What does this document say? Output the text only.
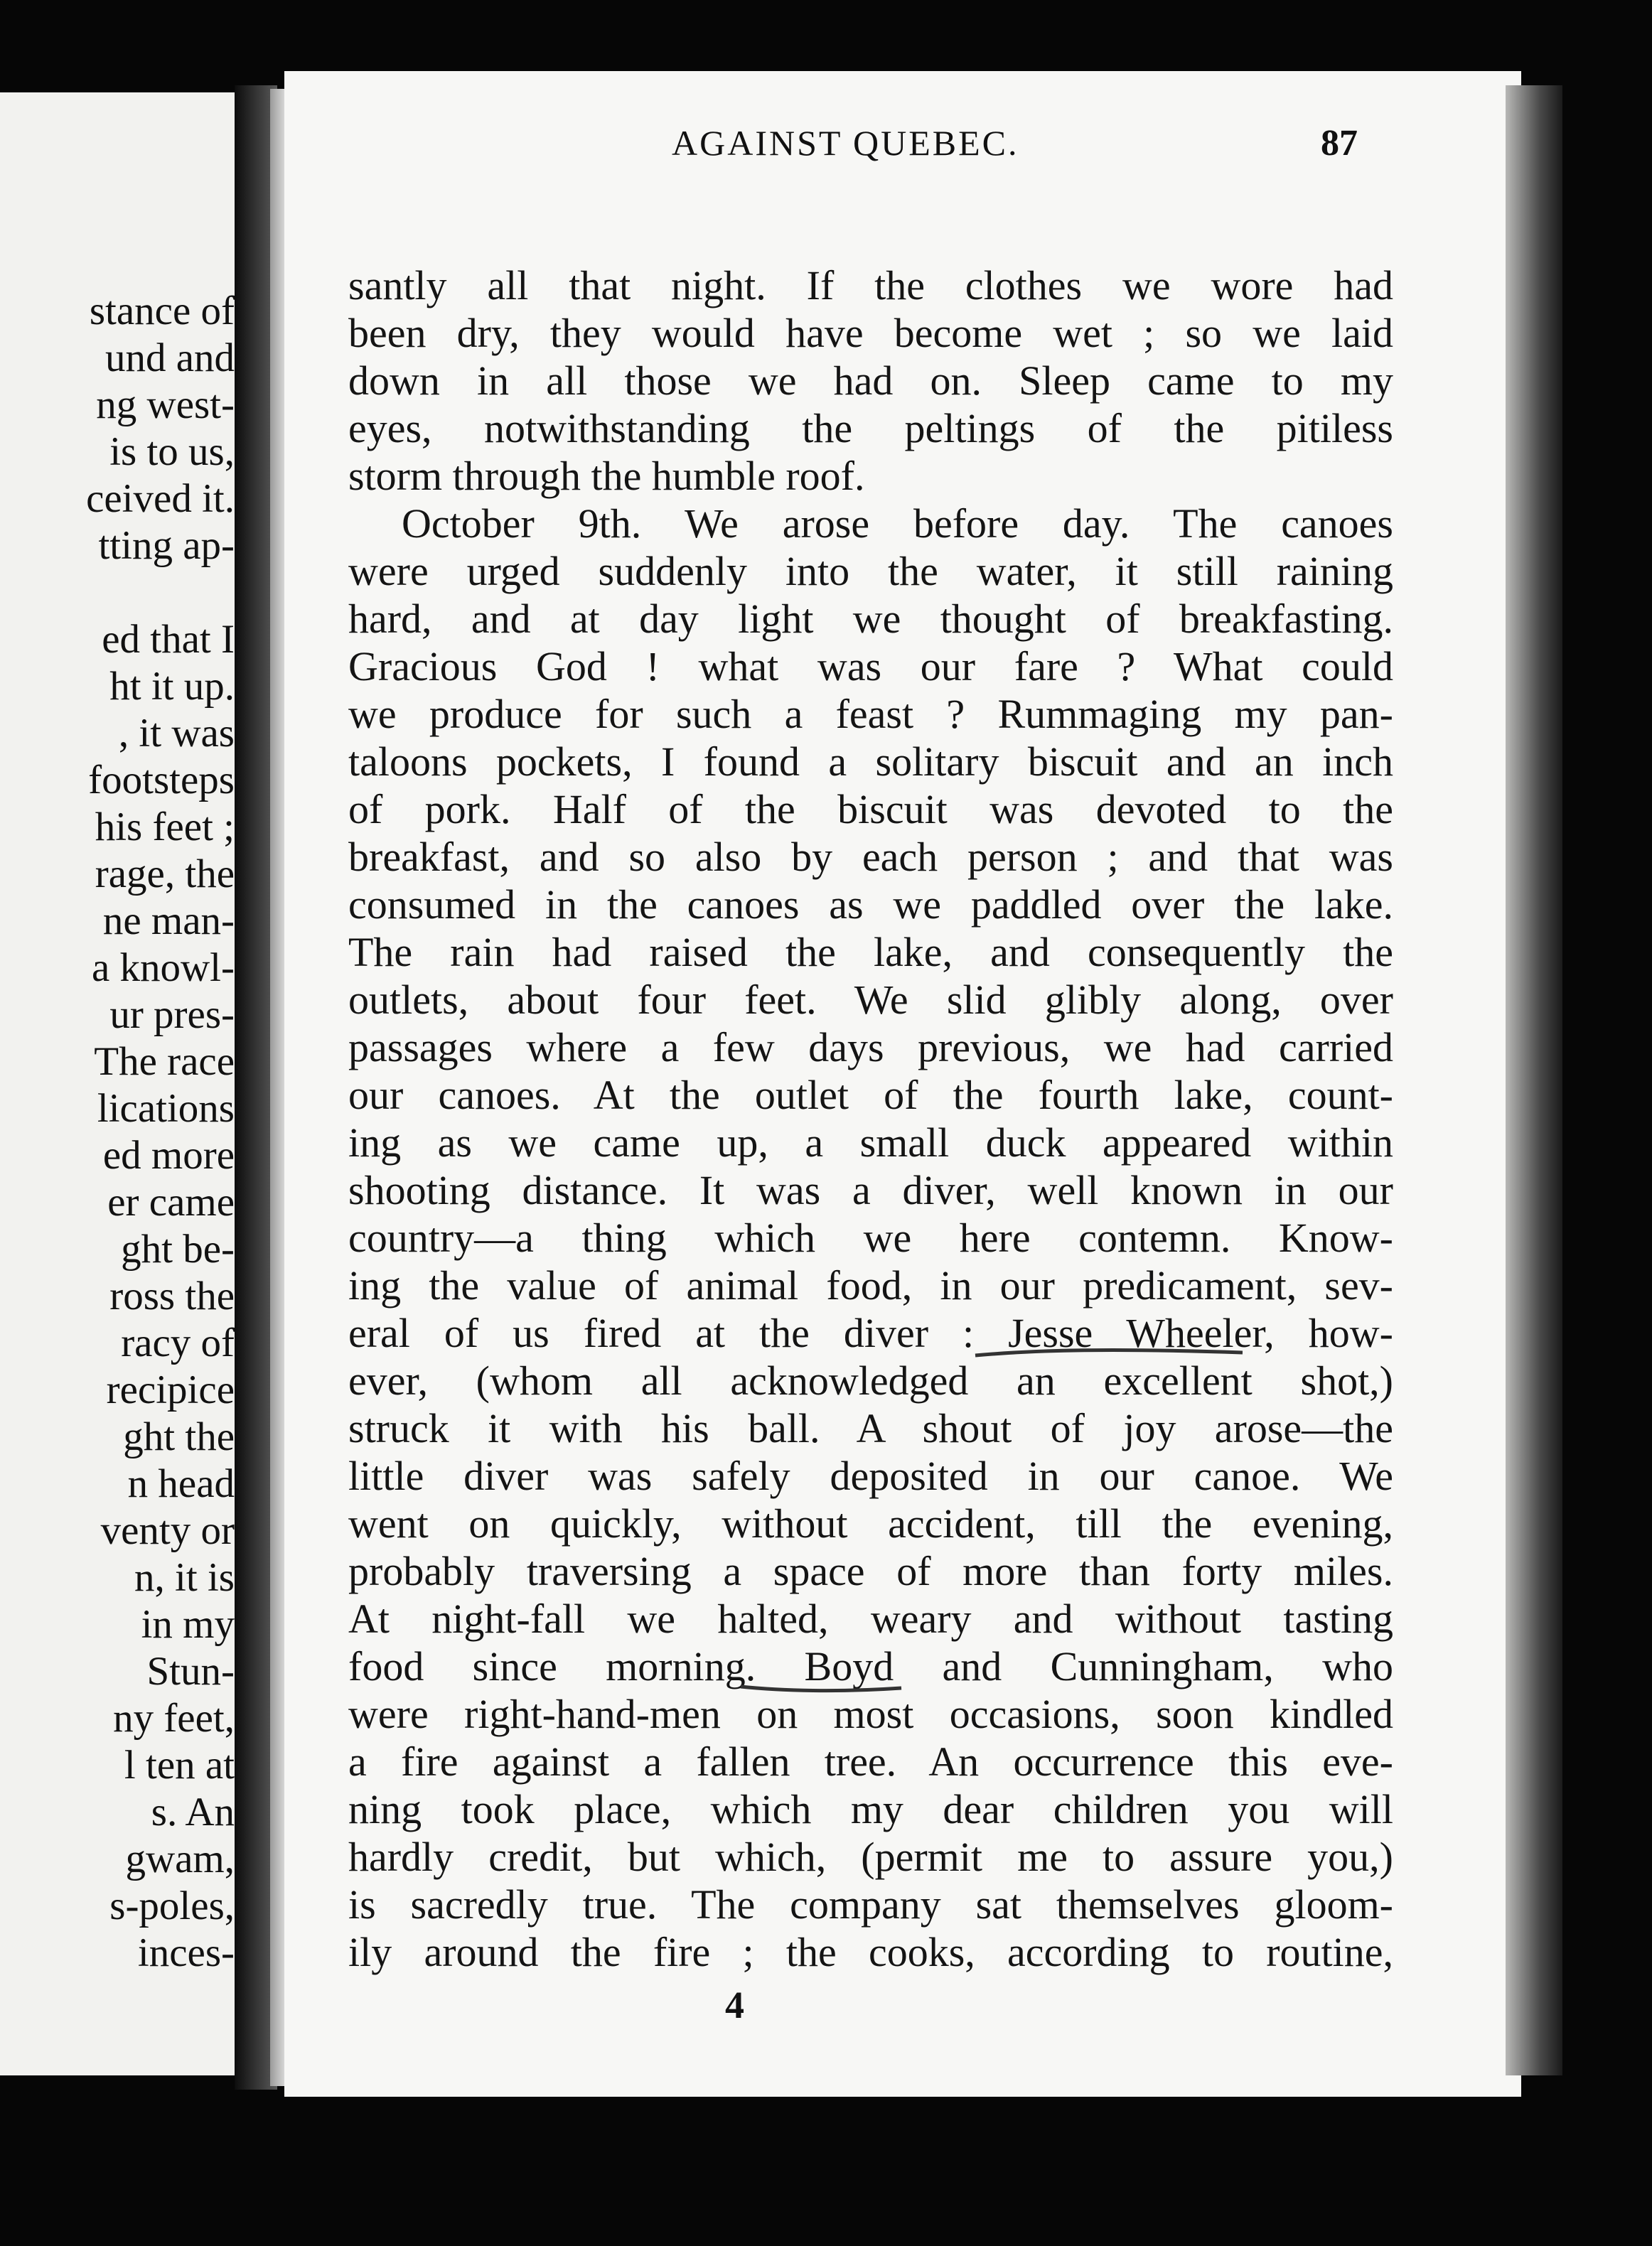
stance of
und and
ng west-
is to us,
ceived it.
tting ap-
ed that I
ht it up.
, it was
footsteps
his feet ;
rage, the
ne man-
a knowl-
ur pres-
The race
lications
ed more
er came
ght be-
ross the
racy of
recipice
ght the
n head
venty or
n, it is
in my
Stun-
ny feet,
l ten at
s. An
gwam,
s-poles,
inces-
AGAINST QUEBEC.	87
santly all that night. If the clothes we wore had
been dry, they would have become wet ; so we laid
down in all those we had on. Sleep came to my
eyes, notwithstanding the peltings of the pitiless
storm through the humble roof.
October 9th. We arose before day. The canoes
were urged suddenly into the water, it still raining
hard, and at day light we thought of breakfasting.
Gracious God ! what was our fare ? What could
we produce for such a feast ? Rummaging my pan-
taloons pockets, I found a solitary biscuit and an inch
of pork. Half of the biscuit was devoted to the
breakfast, and so also by each person ; and that was
consumed in the canoes as we paddled over the lake.
The rain had raised the lake, and consequently the
outlets, about four feet. We slid glibly along, over
passages where a few days previous, we had carried
our canoes. At the outlet of the fourth lake, count-
ing as we came up, a small duck appeared within
shooting distance. It was a diver, well known in our
country—a thing which we here contemn. Know-
ing the value of animal food, in our predicament, sev-
eral of us fired at the diver : Jesse Wheeler, how-
ever, (whom all acknowledged an excellent shot,)
struck it with his ball. A shout of joy arose—the
little diver was safely deposited in our canoe. We
went on quickly, without accident, till the evening,
probably traversing a space of more than forty miles.
At night-fall we halted, weary and without tasting
food since morning. Boyd and Cunningham, who
were right-hand-men on most occasions, soon kindled
a fire against a fallen tree. An occurrence this eve-
ning took place, which my dear children you will
hardly credit, but which, (permit me to assure you,)
is sacredly true. The company sat themselves gloom-
ily around the fire ; the cooks, according to routine,
4
